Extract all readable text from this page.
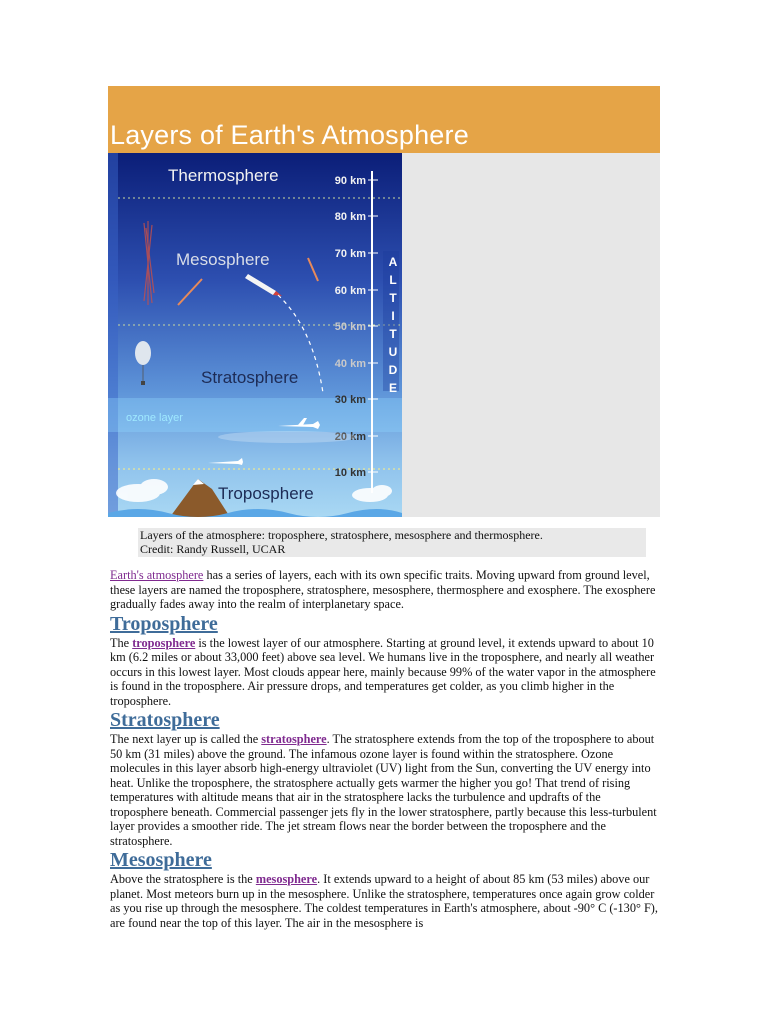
Layers of Earth's Atmosphere
90 km
80 km
70 km
60 km
50 km
40 km
30 km
20 km
10 km
A
L
T
I
T
U
D
E
Thermosphere
Mesosphere
Stratosphere
Troposphere
ozone layer
Layers of the atmosphere: troposphere, stratosphere, mesosphere and thermosphere.
Credit: Randy Russell, UCAR

Earth's atmosphere has a series of layers, each with its own specific traits. Moving upward from ground level, these layers are named the troposphere, stratosphere, mesosphere, thermosphere and exosphere. The exosphere gradually fades away into the realm of interplanetary space.

Troposphere

The troposphere is the lowest layer of our atmosphere. Starting at ground level, it extends upward to about 10 km (6.2 miles or about 33,000 feet) above sea level. We humans live in the troposphere, and nearly all weather occurs in this lowest layer. Most clouds appear here, mainly because 99% of the water vapor in the atmosphere is found in the troposphere. Air pressure drops, and temperatures get colder, as you climb higher in the troposphere.

Stratosphere

The next layer up is called the stratosphere. The stratosphere extends from the top of the troposphere to about 50 km (31 miles) above the ground. The infamous ozone layer is found within the stratosphere. Ozone molecules in this layer absorb high-energy ultraviolet (UV) light from the Sun, converting the UV energy into heat. Unlike the troposphere, the stratosphere actually gets warmer the higher you go! That trend of rising temperatures with altitude means that air in the stratosphere lacks the turbulence and updrafts of the troposphere beneath. Commercial passenger jets fly in the lower stratosphere, partly because this less-turbulent layer provides a smoother ride. The jet stream flows near the border between the troposphere and the stratosphere.

Mesosphere

Above the stratosphere is the mesosphere. It extends upward to a height of about 85 km (53 miles) above our planet. Most meteors burn up in the mesosphere. Unlike the stratosphere, temperatures once again grow colder as you rise up through the mesosphere. The coldest temperatures in Earth's atmosphere, about -90° C (-130° F), are found near the top of this layer. The air in the mesosphere is
